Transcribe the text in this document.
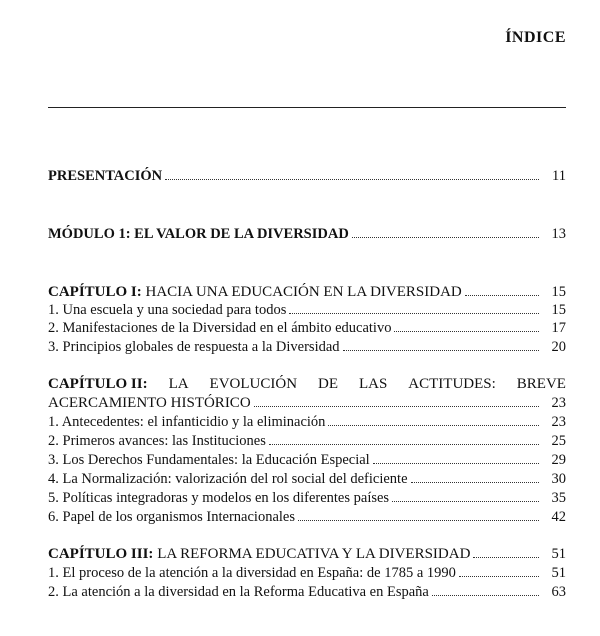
ÍNDICE
PRESENTACIÓN	11
MÓDULO 1: EL VALOR DE LA DIVERSIDAD	13
CAPÍTULO I: HACIA UNA EDUCACIÓN EN LA DIVERSIDAD	15
1. Una escuela y una sociedad para todos	15
2. Manifestaciones de la Diversidad en el ámbito educativo	17
3. Principios globales de respuesta a la Diversidad	20
CAPÍTULO II: LA EVOLUCIÓN DE LAS ACTITUDES: BREVE
ACERCAMIENTO HISTÓRICO	23
1. Antecedentes: el infanticidio y la eliminación	23
2. Primeros avances: las Instituciones	25
3. Los Derechos Fundamentales: la Educación Especial	29
4. La Normalización: valorización del rol social del deficiente	30
5. Políticas integradoras y modelos en los diferentes países	35
6. Papel de los organismos Internacionales	42
CAPÍTULO III: LA REFORMA EDUCATIVA Y LA DIVERSIDAD	51
1. El proceso de la atención a la diversidad en España: de 1785 a 1990	51
2. La atención a la diversidad en la Reforma Educativa en España	63
